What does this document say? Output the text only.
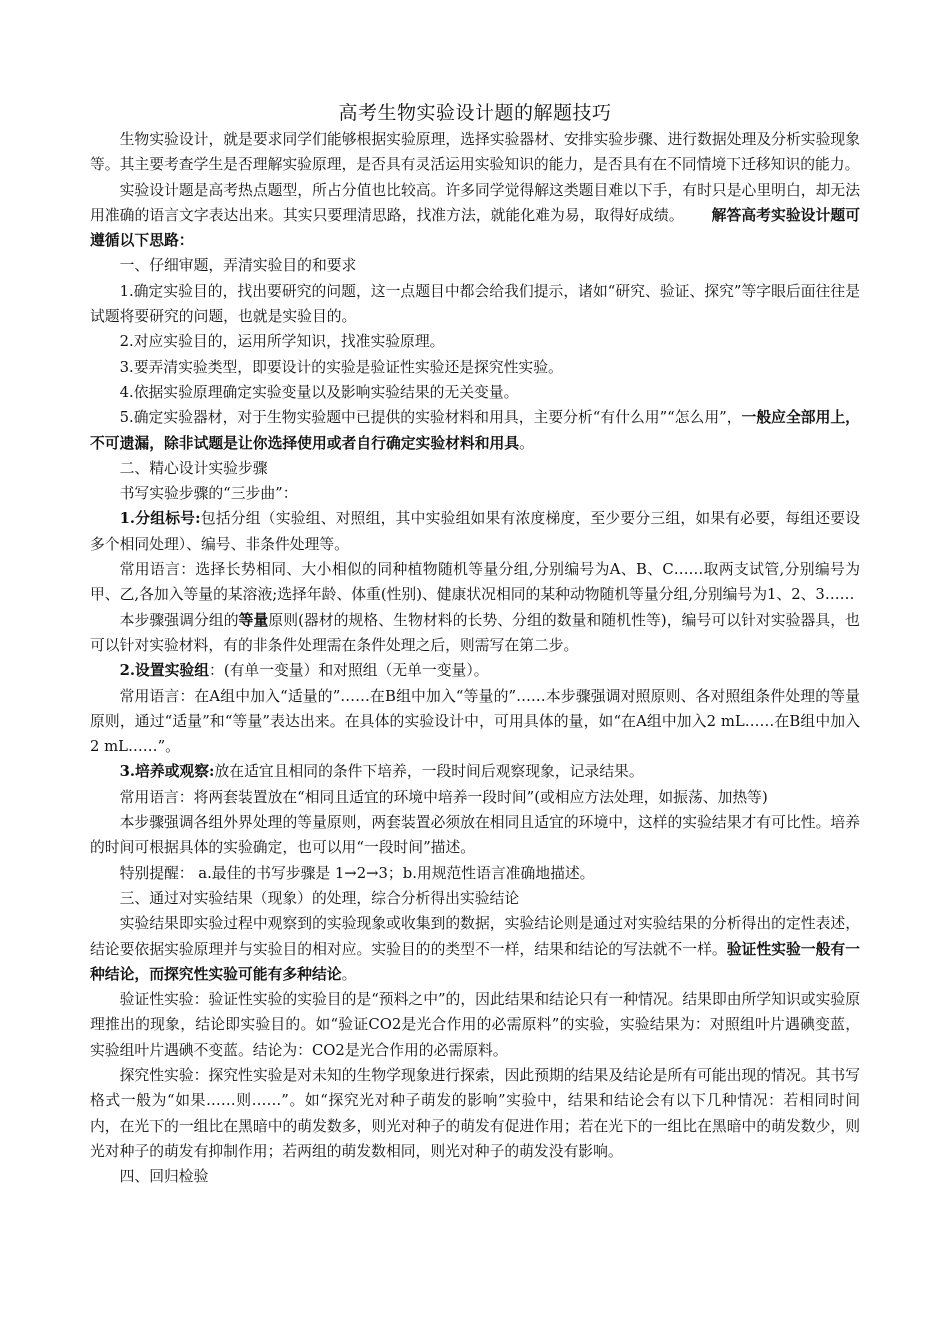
高考生物实验设计题的解题技巧

生物实验设计，就是要求同学们能够根据实验原理，选择实验器材、安排实验步骤、进行数据处理及分析实验现象等。其主要考查学生是否理解实验原理，是否具有灵活运用实验知识的能力，是否具有在不同情境下迁移知识的能力。

实验设计题是高考热点题型，所占分值也比较高。许多同学觉得解这类题目难以下手，有时只是心里明白，却无法用准确的语言文字表达出来。其实只要理清思路，找准方法，就能化难为易，取得好成绩。 解答高考实验设计题可遵循以下思路：

一、仔细审题，弄清实验目的和要求

1.确定实验目的，找出要研究的问题，这一点题目中都会给我们提示，诸如“研究、验证、探究”等字眼后面往往是试题将要研究的问题，也就是实验目的。

2.对应实验目的，运用所学知识，找准实验原理。

3.要弄清实验类型，即要设计的实验是验证性实验还是探究性实验。

4.依据实验原理确定实验变量以及影响实验结果的无关变量。

5.确定实验器材，对于生物实验题中已提供的实验材料和用具，主要分析“有什么用”“怎么用”，一般应全部用上，不可遗漏，除非试题是让你选择使用或者自行确定实验材料和用具。

二、精心设计实验步骤

书写实验步骤的“三步曲”：

1.分组标号:包括分组（实验组、对照组，其中实验组如果有浓度梯度，至少要分三组，如果有必要，每组还要设多个相同处理）、编号、非条件处理等。

常用语言：选择长势相同、大小相似的同种植物随机等量分组,分别编号为A、B、C……取两支试管,分别编号为甲、乙,各加入等量的某溶液;选择年龄、体重(性别)、健康状况相同的某种动物随机等量分组,分别编号为1、2、3……

本步骤强调分组的等量原则(器材的规格、生物材料的长势、分组的数量和随机性等)，编号可以针对实验器具，也可以针对实验材料，有的非条件处理需在条件处理之后，则需写在第二步。

2.设置实验组：(有单一变量）和对照组（无单一变量）。

常用语言：在A组中加入“适量的”……在B组中加入“等量的”……本步骤强调对照原则、各对照组条件处理的等量原则，通过“适量”和“等量”表达出来。在具体的实验设计中，可用具体的量，如“在A组中加入2 mL……在B组中加入2 mL……”。

3.培养或观察:放在适宜且相同的条件下培养，一段时间后观察现象，记录结果。

常用语言：将两套装置放在“相同且适宜的环境中培养一段时间”(或相应方法处理，如振荡、加热等)

本步骤强调各组外界处理的等量原则，两套装置必须放在相同且适宜的环境中，这样的实验结果才有可比性。培养的时间可根据具体的实验确定，也可以用“一段时间”描述。

特别提醒： a.最佳的书写步骤是 1→2→3；b.用规范性语言准确地描述。

三、通过对实验结果（现象）的处理，综合分析得出实验结论

实验结果即实验过程中观察到的实验现象或收集到的数据，实验结论则是通过对实验结果的分析得出的定性表述，结论要依据实验原理并与实验目的相对应。实验目的的类型不一样，结果和结论的写法就不一样。验证性实验一般有一种结论，而探究性实验可能有多种结论。

验证性实验：验证性实验的实验目的是“预料之中”的，因此结果和结论只有一种情况。结果即由所学知识或实验原理推出的现象，结论即实验目的。如“验证CO2是光合作用的必需原料”的实验，实验结果为：对照组叶片遇碘变蓝，实验组叶片遇碘不变蓝。结论为：CO2是光合作用的必需原料。

探究性实验：探究性实验是对未知的生物学现象进行探索，因此预期的结果及结论是所有可能出现的情况。其书写格式一般为“如果……则……”。如“探究光对种子萌发的影响”实验中，结果和结论会有以下几种情况：若相同时间内，在光下的一组比在黑暗中的萌发数多，则光对种子的萌发有促进作用；若在光下的一组比在黑暗中的萌发数少，则光对种子的萌发有抑制作用；若两组的萌发数相同，则光对种子的萌发没有影响。

四、回归检验
